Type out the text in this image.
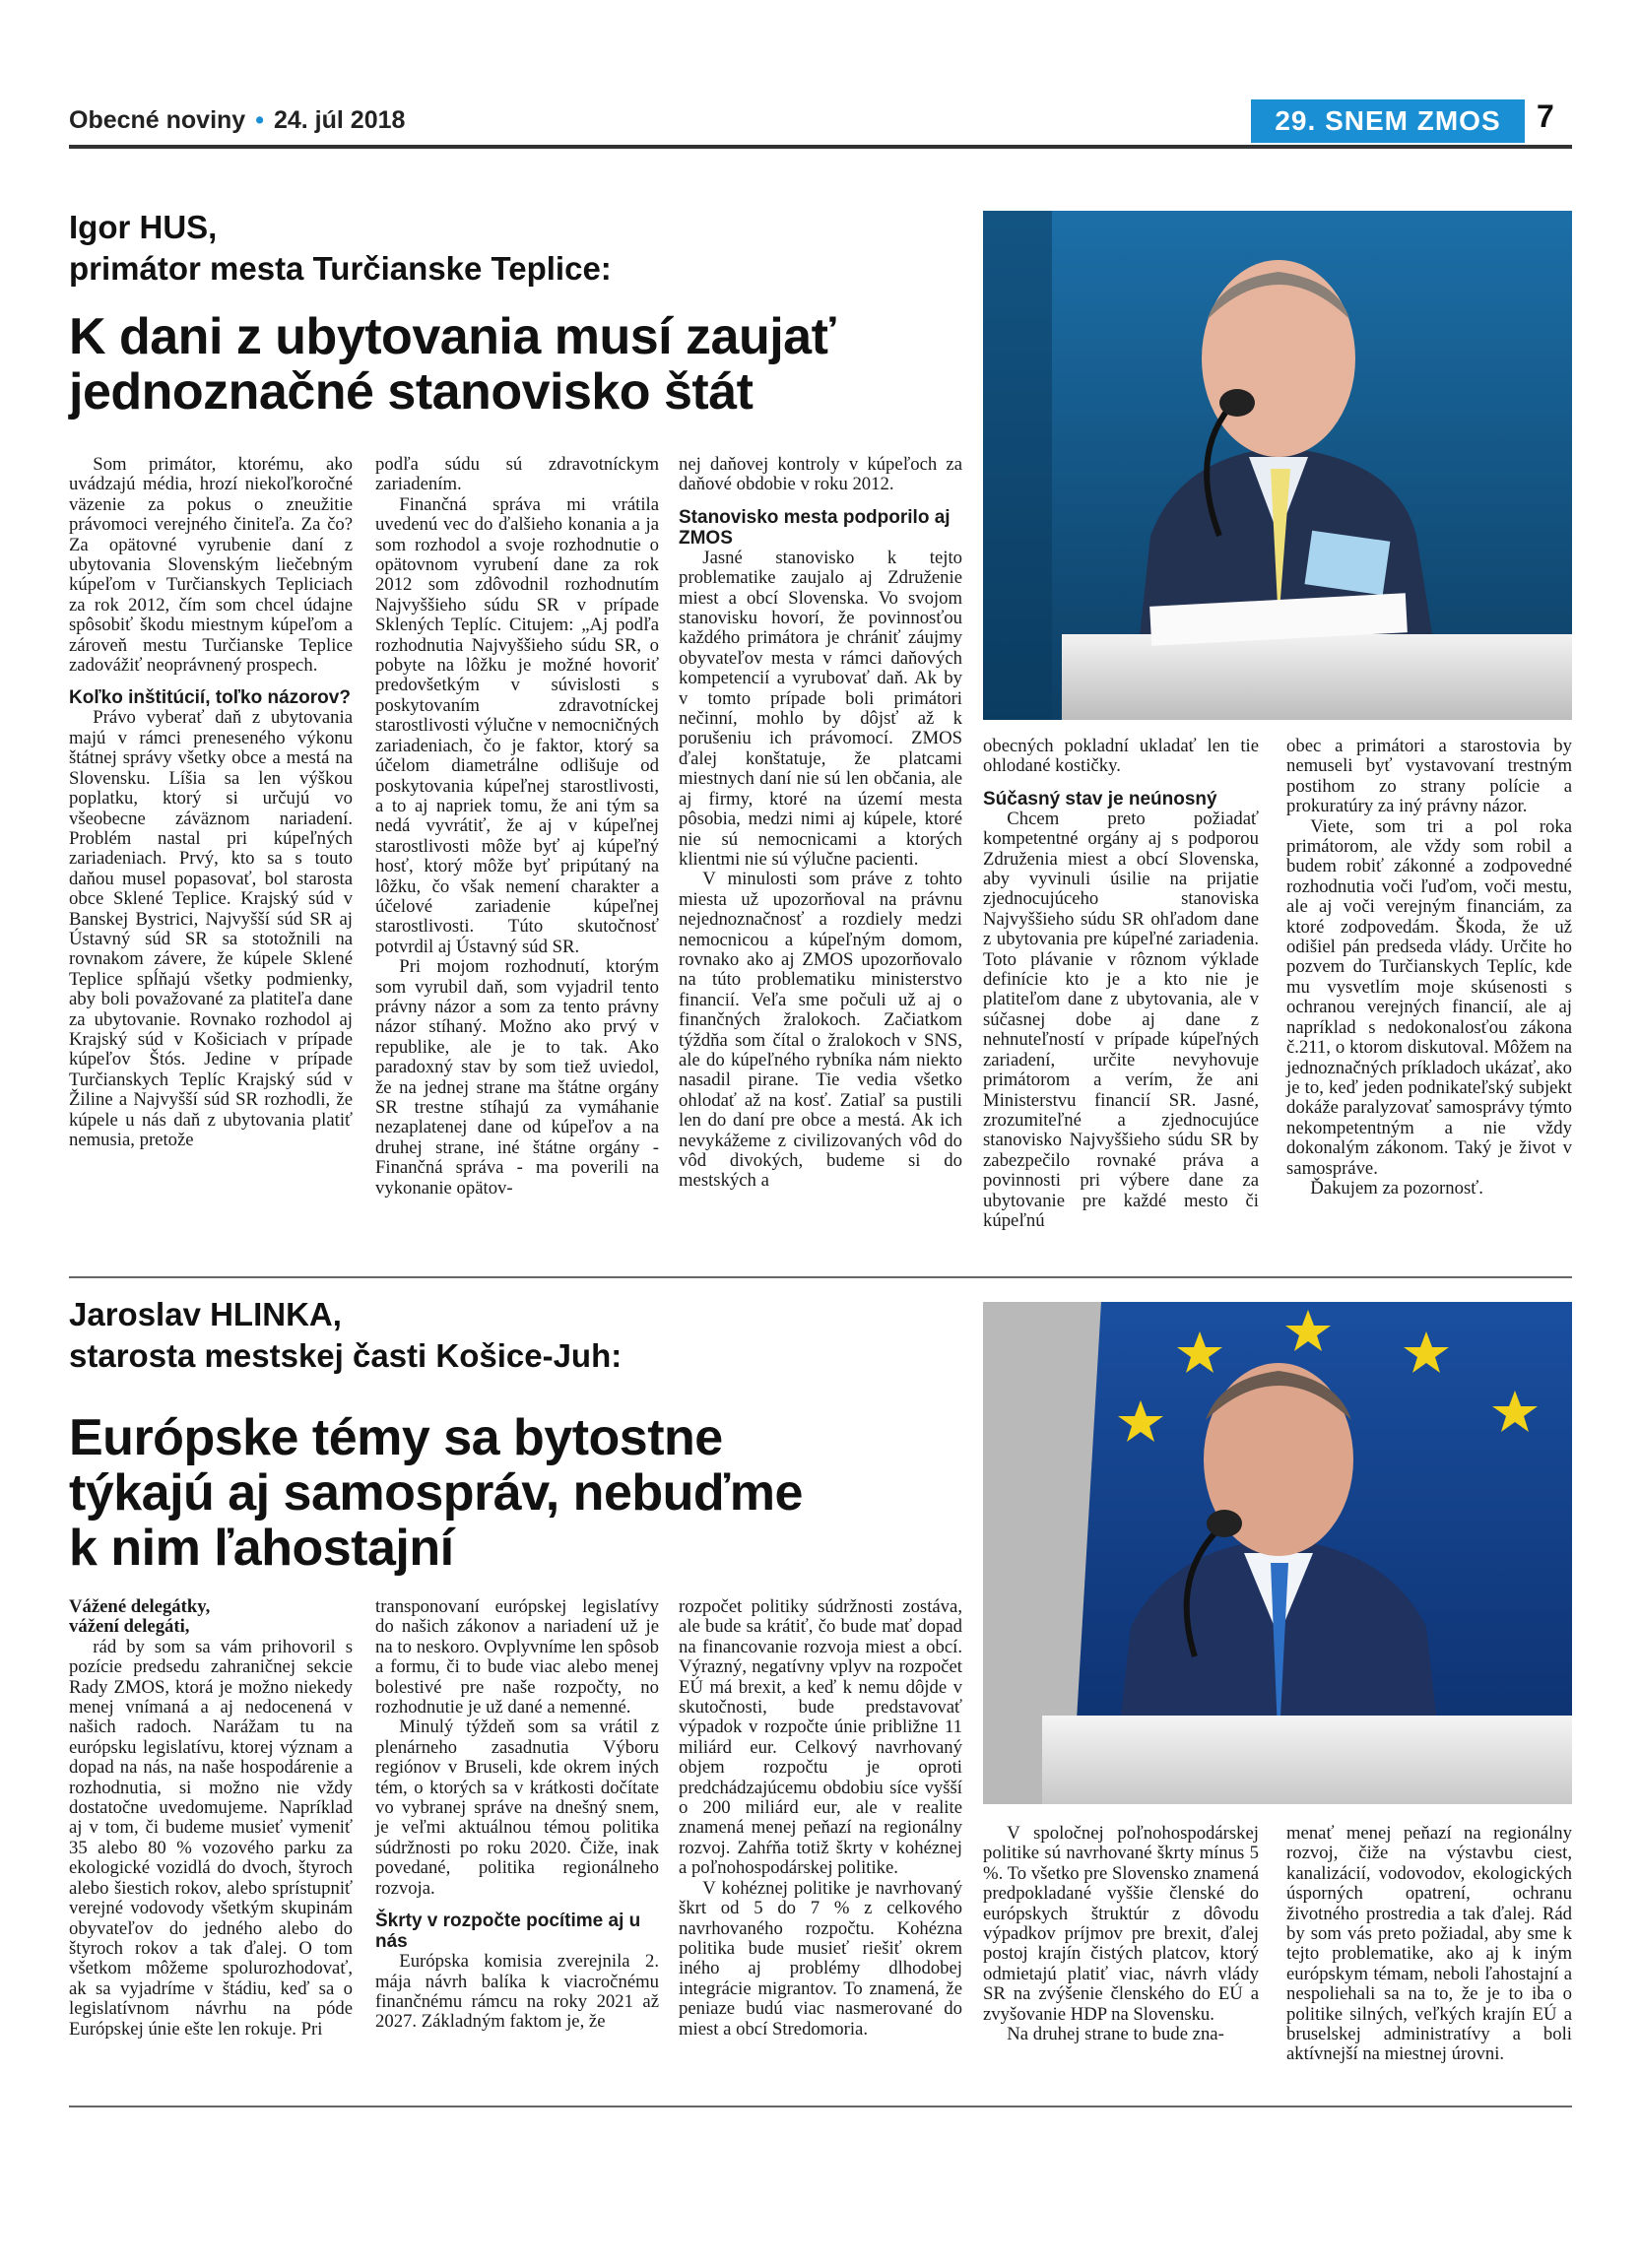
Obecné noviny • 24. júl 2018	29. SNEM ZMOS	7
Igor HUS,
primátor mesta Turčianske Teplice:
K dani z ubytovania musí zaujať
jednoznačné stanovisko štát

Som primátor, ktorému, ako uvádzajú média, hrozí niekoľkoročné väzenie za pokus o zneužitie právomoci verejného činiteľa. Za čo? Za opätovné vyrubenie daní z ubytovania Slovenským liečebným kúpeľom v Turčianskych Tepliciach za rok 2012, čím som chcel údajne spôsobiť škodu miestnym kúpeľom a zároveň mestu Turčianske Teplice zadovážiť neoprávnený prospech.

Koľko inštitúcií, toľko názorov?

Právo vyberať daň z ubytovania majú v rámci preneseného výkonu štátnej správy všetky obce a mestá na Slovensku. Líšia sa len výškou poplatku, ktorý si určujú vo všeobecne záväznom nariadení. Problém nastal pri kúpeľných zariadeniach. Prvý, kto sa s touto daňou musel popasovať, bol starosta obce Sklené Teplice. Krajský súd v Banskej Bystrici, Najvyšší súd SR aj Ústavný súd SR sa stotožnili na rovnakom závere, že kúpele Sklené Teplice spĺňajú všetky podmienky, aby boli považované za platiteľa dane za ubytovanie. Rovnako rozhodol aj Krajský súd v Košiciach v prípade kúpeľov Štós. Jedine v prípade Turčianskych Teplíc Krajský súd v Žiline a Najvyšší súd SR rozhodli, že kúpele u nás daň z ubytovania platiť nemusia, pretože

podľa súdu sú zdravotníckym zariadením.

Finančná správa mi vrátila uvedenú vec do ďalšieho konania a ja som rozhodol a svoje rozhodnutie o opätovnom vyrubení dane za rok 2012 som zdôvodnil rozhodnutím Najvyššieho súdu SR v prípade Sklených Teplíc. Citujem: „Aj podľa rozhodnutia Najvyššieho súdu SR, o pobyte na lôžku je možné hovoriť predovšetkým v súvislosti s poskytovaním zdravotníckej starostlivosti výlučne v nemocničných zariadeniach, čo je faktor, ktorý sa účelom diametrálne odlišuje od poskytovania kúpeľnej starostlivosti, a to aj napriek tomu, že ani tým sa nedá vyvrátiť, že aj v kúpeľnej starostlivosti môže byť aj kúpeľný hosť, ktorý môže byť pripútaný na lôžku, čo však nemení charakter a účelové zariadenie kúpeľnej starostlivosti. Túto skutočnosť potvrdil aj Ústavný súd SR.

Pri mojom rozhodnutí, ktorým som vyrubil daň, som vyjadril tento právny názor a som za tento právny názor stíhaný. Možno ako prvý v republike, ale je to tak. Ako paradoxný stav by som tiež uviedol, že na jednej strane ma štátne orgány SR trestne stíhajú za vymáhanie nezaplatenej dane od kúpeľov a na druhej strane, iné štátne orgány - Finančná správa - ma poverili na vykonanie opätov-

nej daňovej kontroly v kúpeľoch za daňové obdobie v roku 2012.

Stanovisko mesta podporilo aj ZMOS

Jasné stanovisko k tejto problematike zaujalo aj Združenie miest a obcí Slovenska. Vo svojom stanovisku hovorí, že povinnosťou každého primátora je chrániť záujmy obyvateľov mesta v rámci daňových kompetencií a vyrubovať daň. Ak by v tomto prípade boli primátori nečinní, mohlo by dôjsť až k porušeniu ich právomocí. ZMOS ďalej konštatuje, že platcami miestnych daní nie sú len občania, ale aj firmy, ktoré na území mesta pôsobia, medzi nimi aj kúpele, ktoré nie sú nemocnicami a ktorých klientmi nie sú výlučne pacienti.

V minulosti som práve z tohto miesta už upozorňoval na právnu nejednoznačnosť a rozdiely medzi nemocnicou a kúpeľným domom, rovnako ako aj ZMOS upozorňovalo na túto problematiku ministerstvo financií. Veľa sme počuli už aj o finančných žralokoch. Začiatkom týždňa som čítal o žralokoch v SNS, ale do kúpeľného rybníka nám niekto nasadil pirane. Tie vedia všetko ohlodať až na kosť. Zatiaľ sa pustili len do daní pre obce a mestá. Ak ich nevykážeme z civilizovaných vôd do vôd divokých, budeme si do mestských a

obecných pokladní ukladať len tie ohlodané kostičky.

Súčasný stav je neúnosný

Chcem preto požiadať kompetentné orgány aj s podporou Združenia miest a obcí Slovenska, aby vyvinuli úsilie na prijatie zjednocujúceho stanoviska Najvyššieho súdu SR ohľadom dane z ubytovania pre kúpeľné zariadenia. Toto plávanie v rôznom výklade definície kto je a kto nie je platiteľom dane z ubytovania, ale v súčasnej dobe aj dane z nehnuteľností v prípade kúpeľných zariadení, určite nevyhovuje primátorom a verím, že ani Ministerstvu financií SR. Jasné, zrozumiteľné a zjednocujúce stanovisko Najvyššieho súdu SR by zabezpečilo rovnaké práva a povinnosti pri výbere dane za ubytovanie pre každé mesto či kúpeľnú

obec a primátori a starostovia by nemuseli byť vystavovaní trestným postihom zo strany polície a prokuratúry za iný právny názor.

Viete, som tri a pol roka primátorom, ale vždy som robil a budem robiť zákonné a zodpovedné rozhodnutia voči ľuďom, voči mestu, ale aj voči verejným financiám, za ktoré zodpovedám. Škoda, že už odišiel pán predseda vlády. Určite ho pozvem do Turčianskych Teplíc, kde mu vysvetlím moje skúsenosti s ochranou verejných financií, ale aj napríklad s nedokonalosťou zákona č.211, o ktorom diskutoval. Môžem na jednoznačných príkladoch ukázať, ako je to, keď jeden podnikateľský subjekt dokáže paralyzovať samosprávy týmto nekompetentným a nie vždy dokonalým zákonom. Taký je život v samospráve.

Ďakujem za pozornosť.

Jaroslav HLINKA,
starosta mestskej časti Košice-Juh:
Európske témy sa bytostne
týkajú aj samospráv, nebuďme
k nim ľahostajní

Vážené delegátky,

vážení delegáti,

rád by som sa vám prihovoril s pozície predsedu zahraničnej sekcie Rady ZMOS, ktorá je možno niekedy menej vnímaná a aj nedocenená v našich radoch. Narážam tu na európsku legislatívu, ktorej význam a dopad na nás, na naše hospodárenie a rozhodnutia, si možno nie vždy dostatočne uvedomujeme. Napríklad aj v tom, či budeme musieť vymeniť 35 alebo 80 % vozového parku za ekologické vozidlá do dvoch, štyroch alebo šiestich rokov, alebo sprístupniť verejné vodovody všetkým skupinám obyvateľov do jedného alebo do štyroch rokov a tak ďalej. O tom všetkom môžeme spolurozhodovať, ak sa vyjadríme v štádiu, keď sa o legislatívnom návrhu na póde Európskej únie ešte len rokuje. Pri

transponovaní európskej legislatívy do našich zákonov a nariadení už je na to neskoro. Ovplyvníme len spôsob a formu, či to bude viac alebo menej bolestivé pre naše rozpočty, no rozhodnutie je už dané a nemenné.

Minulý týždeň som sa vrátil z plenárneho zasadnutia Výboru regiónov v Bruseli, kde okrem iných tém, o ktorých sa v krátkosti dočítate vo vybranej správe na dnešný snem, je veľmi aktuálnou témou politika súdržnosti po roku 2020. Čiže, inak povedané, politika regionálneho rozvoja.

Škrty v rozpočte pocítime aj u nás

Európska komisia zverejnila 2. mája návrh balíka k viacročnému finančnému rámcu na roky 2021 až 2027. Základným faktom je, že

rozpočet politiky súdržnosti zostáva, ale bude sa krátiť, čo bude mať dopad na financovanie rozvoja miest a obcí. Výrazný, negatívny vplyv na rozpočet EÚ má brexit, a keď k nemu dôjde v skutočnosti, bude predstavovať výpadok v rozpočte únie približne 11 miliárd eur. Celkový navrhovaný objem rozpočtu je oproti predchádzajúcemu obdobiu síce vyšší o 200 miliárd eur, ale v realite znamená menej peňazí na regionálny rozvoj. Zahŕňa totiž škrty v kohéznej a poľnohospodárskej politike.

V kohéznej politike je navrhovaný škrt od 5 do 7 % z celkového navrhovaného rozpočtu. Kohézna politika bude musieť riešiť okrem iného aj problémy dlhodobej integrácie migrantov. To znamená, že peniaze budú viac nasmerované do miest a obcí Stredomoria.

V spoločnej poľnohospodárskej politike sú navrhované škrty mínus 5 %. To všetko pre Slovensko znamená predpokladané vyššie členské do európskych štruktúr z dôvodu výpadkov príjmov pre brexit, ďalej postoj krajín čistých platcov, ktorý odmietajú platiť viac, návrh vlády SR na zvýšenie členského do EÚ a zvyšovanie HDP na Slovensku.

Na druhej strane to bude zna-

menať menej peňazí na regionálny rozvoj, čiže na výstavbu ciest, kanalizácií, vodovodov, ekologických úsporných opatrení, ochranu životného prostredia a tak ďalej. Rád by som vás preto požiadal, aby sme k tejto problematike, ako aj k iným európskym témam, neboli ľahostajní a nespoliehali sa na to, že je to iba o politike silných, veľkých krajín EÚ a bruselskej administratívy a boli aktívnejší na miestnej úrovni.
